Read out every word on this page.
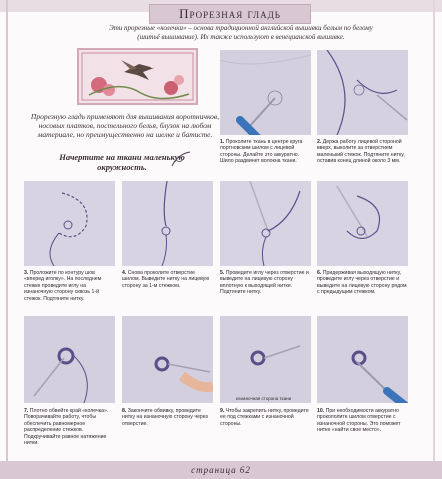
Прорезная гладь
Эти прорезные «колечки» – основа традиционной английской вышивки белым по белому
(шитьё вышивание). Их также используют в венецианской вышивке.
Прорезную гладь применяют для вышивания воротничков, носовых платков, постельного белья, блузок на любом материале, но преимущественно на шелке и батисте.
Начертите на ткани маленькую окружность.
1. Проколите ткань в центре круга портновским шилом с лицевой стороны. Делайте это аккуратно. Шило раздвинет волокна ткани.
2. Держа работу лицевой стороной вверх, выколите за отверстием маленький стежок. Подтяните нитку, оставив конец длиной около 3 мм.
3. Проложите по контуру шов «вперед иголку». На последнем стежке проведите иглу на изнаночную сторону сквозь 1-й стежок. Подтяните нитку.
4. Снова проколите отверстие шилом. Выведите нитку на лицевую сторону за 1-м стежком.
5. Проведите иглу через отверстие и выведите на лицевую сторону вплотную к выходящей нитке. Подтяните нитку.
6. Придерживая выходящую нитку, проведите иглу через отверстие и выведите на лицевую сторону рядом с предыдущим стежком.
изнаночная сторона ткани
7. Плотно обвейте край «колечка». Поворачивайте работу, чтобы обеспечить равномерное распределение стежков. Подкручивайте равное натяжение нитки.
8. Закончите обвивку, проведите нитку на изнаночную сторону через отверстие.
9. Чтобы закрепить нитку, проведите ее под стежками с изнаночной стороны.
10. При необходимости аккуратно прокололите шилом отверстие с изнаночной стороны. Это поможет нитке «найти свое место».
страница 62
